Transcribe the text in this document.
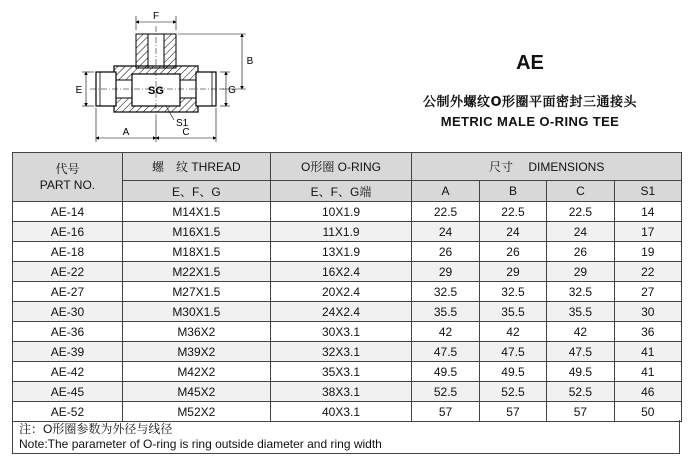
SG
F
B
G
E
A	C
S1
AE
公制外螺纹O形圈平面密封三通接头
METRIC MALE O-RING TEE
代号
PART NO.	螺　纹 THREAD	O形圈 O-RING	尺寸　 DIMENSIONS			
	E、F、G	E、F、G端	A	B	C	S1
AE-14	M14X1.5	10X1.9	22.5	22.5	22.5	14
AE-16	M16X1.5	11X1.9	24	24	24	17
AE-18	M18X1.5	13X1.9	26	26	26	19
AE-22	M22X1.5	16X2.4	29	29	29	22
AE-27	M27X1.5	20X2.4	32.5	32.5	32.5	27
AE-30	M30X1.5	24X2.4	35.5	35.5	35.5	30
AE-36	M36X2	30X3.1	42	42	42	36
AE-39	M39X2	32X3.1	47.5	47.5	47.5	41
AE-42	M42X2	35X3.1	49.5	49.5	49.5	41
AE-45	M45X2	38X3.1	52.5	52.5	52.5	46
AE-52	M52X2	40X3.1	57	57	57	50
注：O形圈参数为外径与线径
Note:The parameter of O-ring is ring outside diameter and ring width
